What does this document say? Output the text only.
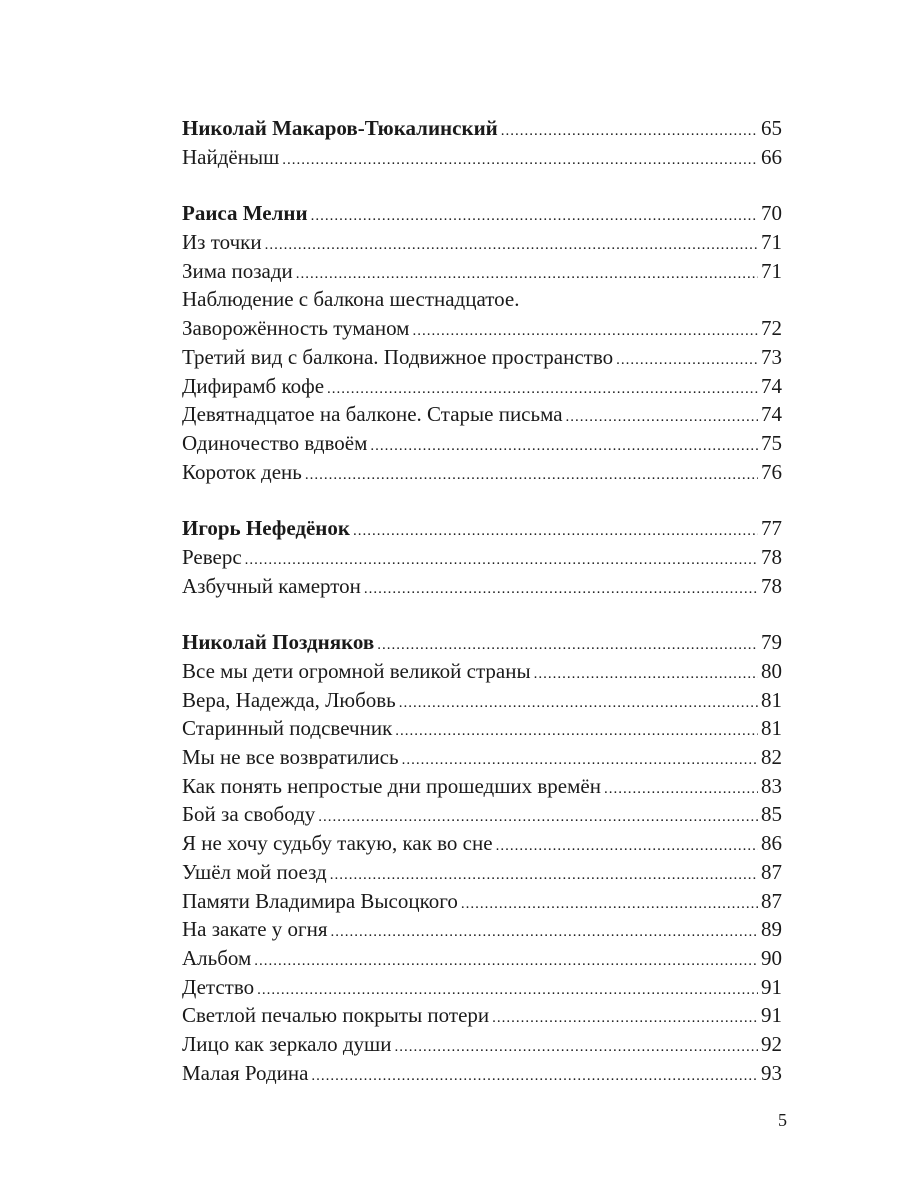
Николай Макаров-Тюкалинский .....	65
Найдёныш .....	66
Раиса Мелни .....	70
Из точки .....	71
Зима позади .....	71
Наблюдение с балкона шестнадцатое.
Заворожённость туманом .....	72
Третий вид с балкона. Подвижное пространство .....	73
Дифирамб кофе .....	74
Девятнадцатое на балконе. Старые письма .....	74
Одиночество вдвоём .....	75
Короток день .....	76
Игорь Нефедёнок .....	77
Реверс .....	78
Азбучный камертон .....	78
Николай Поздняков .....	79
Все мы дети огромной великой страны .....	80
Вера, Надежда, Любовь .....	81
Старинный подсвечник .....	81
Мы не все возвратились .....	82
Как понять непростые дни прошедших времён .....	83
Бой за свободу .....	85
Я не хочу судьбу такую, как во сне .....	86
Ушёл мой поезд .....	87
Памяти Владимира Высоцкого .....	87
На закате у огня .....	89
Альбом .....	90
Детство .....	91
Светлой печалью покрыты потери .....	91
Лицо как зеркало души .....	92
Малая Родина .....	93
5
